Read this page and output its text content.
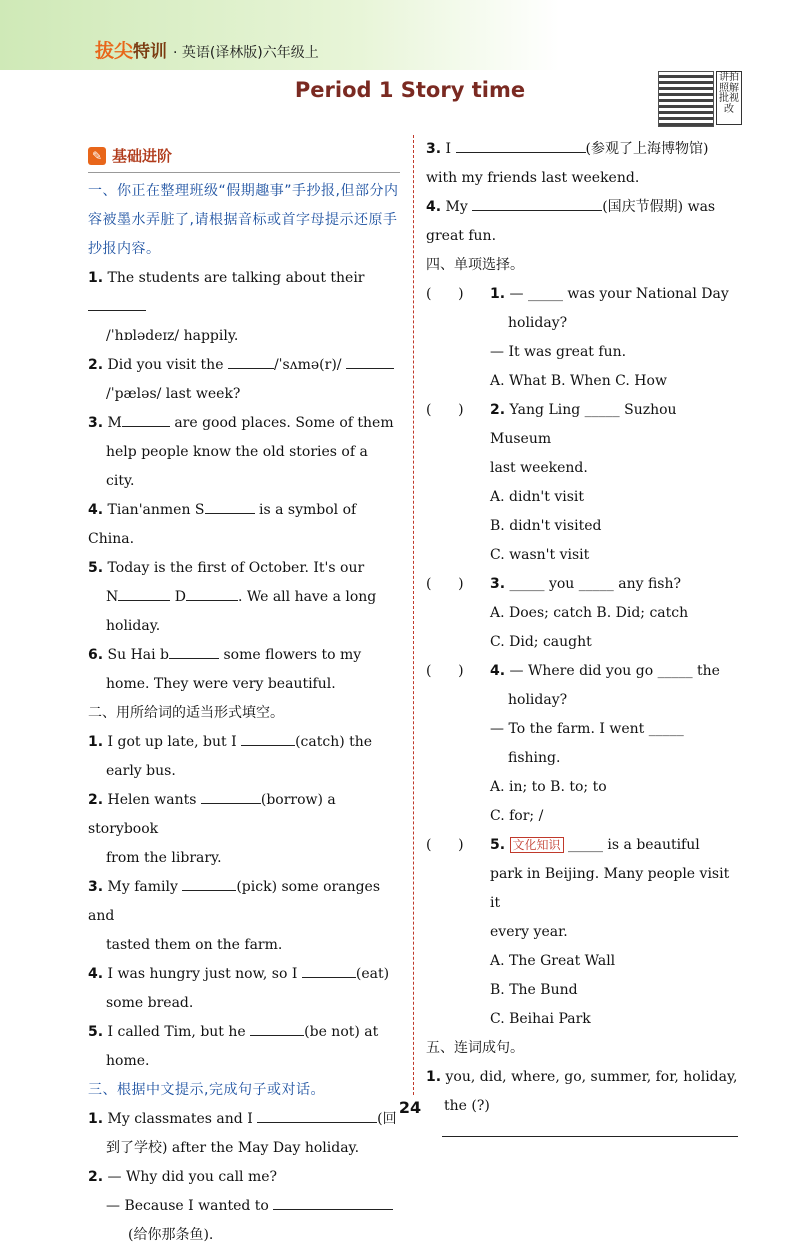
拔尖特训 · 英语(译林版)六年级上
Period 1 Story time
讲拍照解批视改
✎ 基础进阶
一、你正在整理班级“假期趣事”手抄报,但部分内容被墨水弄脏了,请根据音标或首字母提示还原手抄报内容。
1. The students are talking about their
/ˈhɒlədeɪz/ happily.
2. Did you visit the	/ˈsʌmə(r)/
/ˈpæləs/ last week?
3. M	are good places. Some of them
help people know the old stories of a city.
4. Tian'anmen S	is a symbol of China.
5. Today is the first of October. It's our
N	D	. We all have a long
holiday.
6. Su Hai b	some flowers to my
home. They were very beautiful.
二、用所给词的适当形式填空。
1. I got up late, but I	(catch) the
early bus.
2. Helen wants	(borrow) a storybook
from the library.
3. My family	(pick) some oranges and
tasted them on the farm.
4. I was hungry just now, so I	(eat)
some bread.
5. I called Tim, but he	(be not) at
home.
三、根据中文提示,完成句子或对话。
1. My classmates and I	(回
到了学校) after the May Day holiday.
2. — Why did you call me?
— Because I wanted to
(给你那条鱼).
3. I	(参观了上海博物馆)
with my friends last weekend.
4. My	(国庆节假期) was
great fun.
四、单项选择。
(      )	1. — _____ was your National Day
holiday?
— It was great fun.
A. What B. When C. How
(      )	2. Yang Ling _____ Suzhou Museum
last weekend.
A. didn't visit
B. didn't visited
C. wasn't visit
(      )	3. _____ you _____ any fish?
A. Does; catch B. Did; catch
C. Did; caught
(      )	4. — Where did you go _____ the
holiday?
— To the farm. I went _____
fishing.
A. in; to B. to; to
C. for; /
(      )	5. 文化知识 _____ is a beautiful
park in Beijing. Many people visit it
every year.
A. The Great Wall
B. The Bund
C. Beihai Park
五、连词成句。
1. you, did, where, go, summer, for, holiday,
the (?)
24
